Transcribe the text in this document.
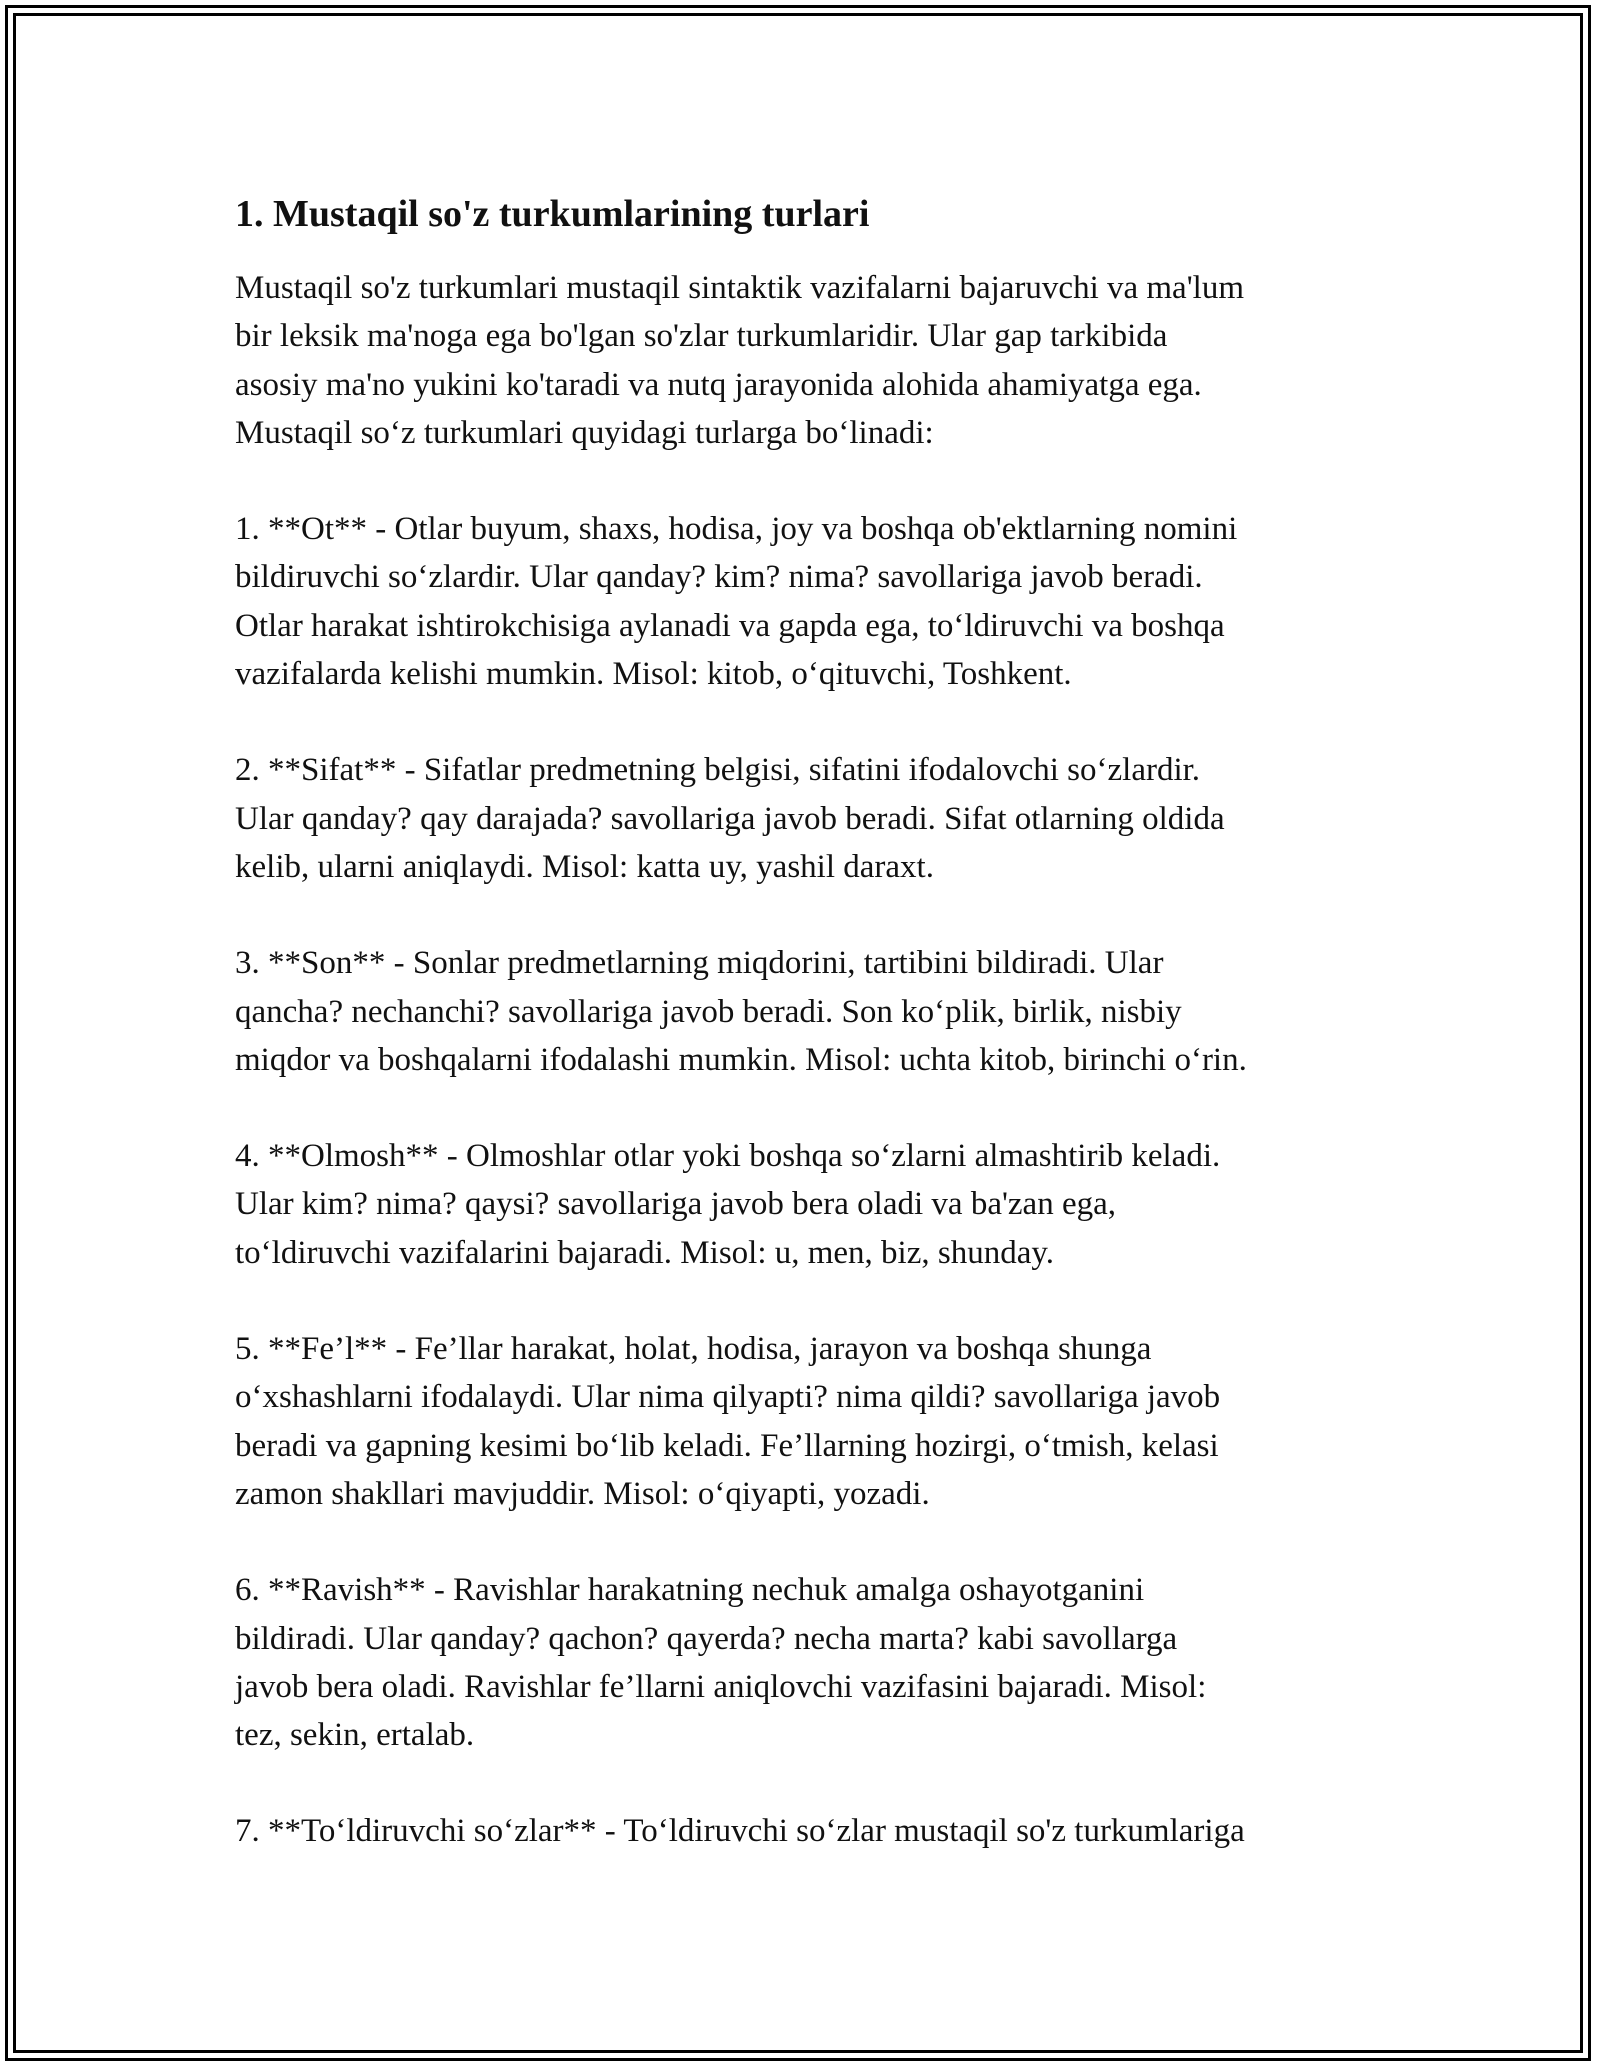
1. Mustaqil so'z turkumlarining turlari

Mustaqil so'z turkumlari mustaqil sintaktik vazifalarni bajaruvchi va ma'lum
bir leksik ma'noga ega bo'lgan so'zlar turkumlaridir. Ular gap tarkibida
asosiy ma'no yukini ko'taradi va nutq jarayonida alohida ahamiyatga ega.
Mustaqil so‘z turkumlari quyidagi turlarga bo‘linadi:

1. **Ot** - Otlar buyum, shaxs, hodisa, joy va boshqa ob'ektlarning nomini
bildiruvchi so‘zlardir. Ular qanday? kim? nima? savollariga javob beradi.
Otlar harakat ishtirokchisiga aylanadi va gapda ega, to‘ldiruvchi va boshqa
vazifalarda kelishi mumkin. Misol: kitob, o‘qituvchi, Toshkent.

2. **Sifat** - Sifatlar predmetning belgisi, sifatini ifodalovchi so‘zlardir.
Ular qanday? qay darajada? savollariga javob beradi. Sifat otlarning oldida
kelib, ularni aniqlaydi. Misol: katta uy, yashil daraxt.

3. **Son** - Sonlar predmetlarning miqdorini, tartibini bildiradi. Ular
qancha? nechanchi? savollariga javob beradi. Son ko‘plik, birlik, nisbiy
miqdor va boshqalarni ifodalashi mumkin. Misol: uchta kitob, birinchi o‘rin.

4. **Olmosh** - Olmoshlar otlar yoki boshqa so‘zlarni almashtirib keladi.
Ular kim? nima? qaysi? savollariga javob bera oladi va ba'zan ega,
to‘ldiruvchi vazifalarini bajaradi. Misol: u, men, biz, shunday.

5. **Fe’l** - Fe’llar harakat, holat, hodisa, jarayon va boshqa shunga
o‘xshashlarni ifodalaydi. Ular nima qilyapti? nima qildi? savollariga javob
beradi va gapning kesimi bo‘lib keladi. Fe’llarning hozirgi, o‘tmish, kelasi
zamon shakllari mavjuddir. Misol: o‘qiyapti, yozadi.

6. **Ravish** - Ravishlar harakatning nechuk amalga oshayotganini
bildiradi. Ular qanday? qachon? qayerda? necha marta? kabi savollarga
javob bera oladi. Ravishlar fe’llarni aniqlovchi vazifasini bajaradi. Misol:
tez, sekin, ertalab.

7. **To‘ldiruvchi so‘zlar** - To‘ldiruvchi so‘zlar mustaqil so'z turkumlariga
